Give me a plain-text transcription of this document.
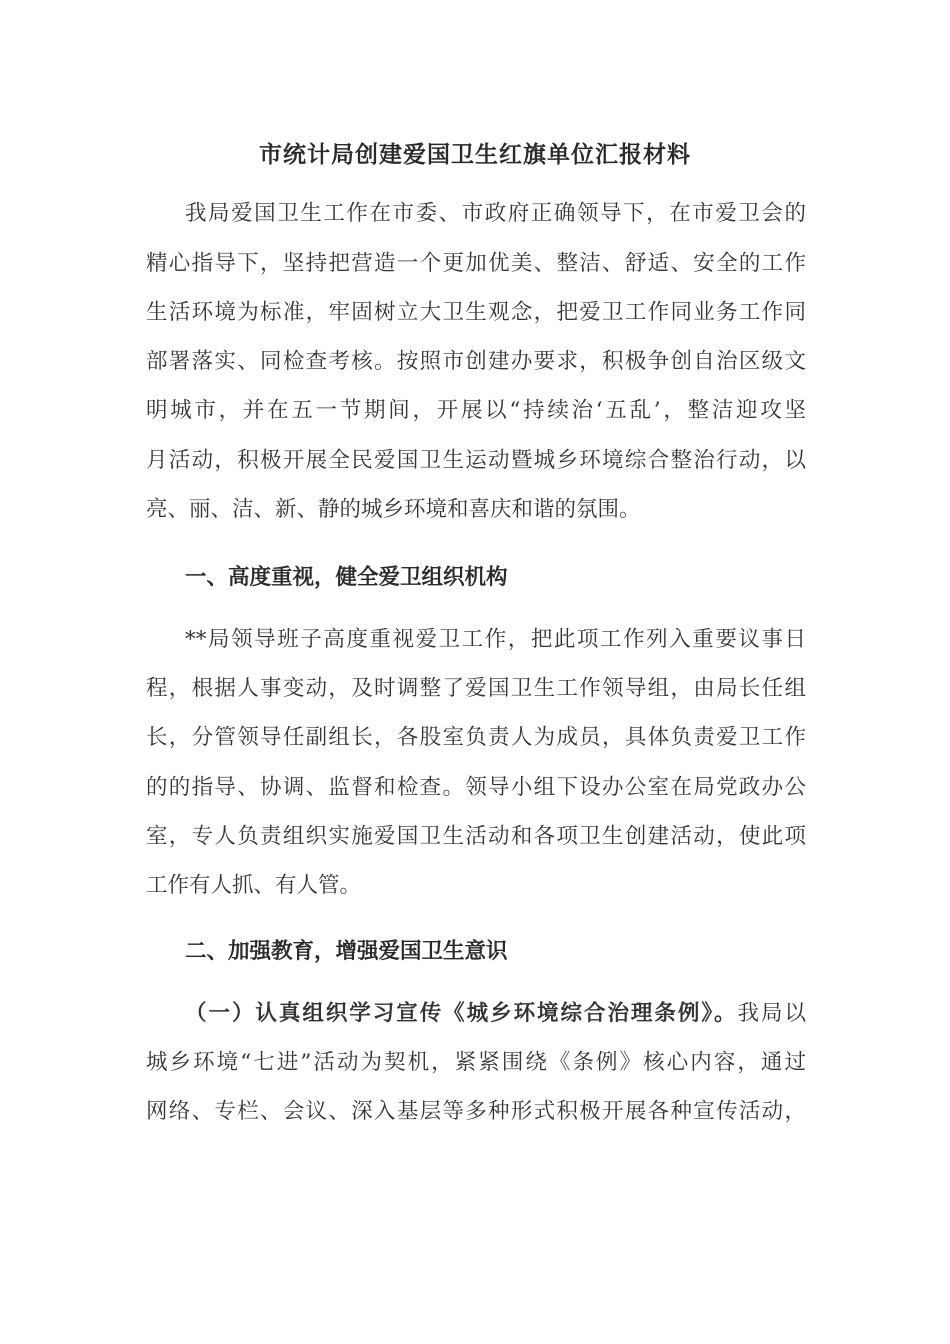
市统计局创建爱国卫生红旗单位汇报材料
我局爱国卫生工作在市委、市政府正确领导下，在市爱卫会的
精心指导下，坚持把营造一个更加优美、整洁、舒适、安全的工作
生活环境为标准，牢固树立大卫生观念，把爱卫工作同业务工作同
部署落实、同检查考核。按照市创建办要求，积极争创自治区级文
明城市，并在五一节期间，开展以“持续治‘五乱’，整洁迎攻坚
月活动，积极开展全民爱国卫生运动暨城乡环境综合整治行动，以
亮、丽、洁、新、静的城乡环境和喜庆和谐的氛围。
一、高度重视，健全爱卫组织机构
**局领导班子高度重视爱卫工作，把此项工作列入重要议事日
程，根据人事变动，及时调整了爱国卫生工作领导组，由局长任组
长，分管领导任副组长，各股室负责人为成员，具体负责爱卫工作
的的指导、协调、监督和检查。领导小组下设办公室在局党政办公
室，专人负责组织实施爱国卫生活动和各项卫生创建活动，使此项
工作有人抓、有人管。
二、加强教育，增强爱国卫生意识
（一）认真组织学习宣传《城乡环境综合治理条例》。我局以
城乡环境“七进”活动为契机，紧紧围绕《条例》核心内容，通过
网络、专栏、会议、深入基层等多种形式积极开展各种宣传活动，
